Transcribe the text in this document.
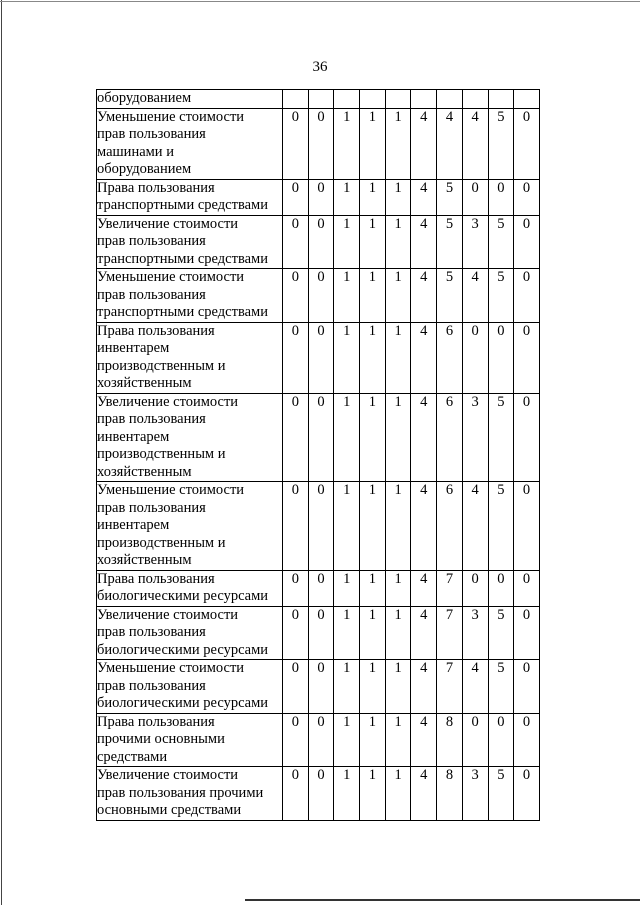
36
оборудованием										

Уменьшение стоимости
прав пользования
машинами и
оборудованием	0	0	1	1	1	4	4	4	5	0

Права пользования
транспортными средствами	0	0	1	1	1	4	5	0	0	0

Увеличение стоимости
прав пользования
транспортными средствами	0	0	1	1	1	4	5	3	5	0

Уменьшение стоимости
прав пользования
транспортными средствами	0	0	1	1	1	4	5	4	5	0

Права пользования
инвентарем
производственным и
хозяйственным	0	0	1	1	1	4	6	0	0	0

Увеличение стоимости
прав пользования
инвентарем
производственным и
хозяйственным	0	0	1	1	1	4	6	3	5	0

Уменьшение стоимости
прав пользования
инвентарем
производственным и
хозяйственным	0	0	1	1	1	4	6	4	5	0

Права пользования
биологическими ресурсами	0	0	1	1	1	4	7	0	0	0

Увеличение стоимости
прав пользования
биологическими ресурсами	0	0	1	1	1	4	7	3	5	0

Уменьшение стоимости
прав пользования
биологическими ресурсами	0	0	1	1	1	4	7	4	5	0

Права пользования
прочими основными
средствами	0	0	1	1	1	4	8	0	0	0

Увеличение стоимости
прав пользования прочими
основными средствами	0	0	1	1	1	4	8	3	5	0
